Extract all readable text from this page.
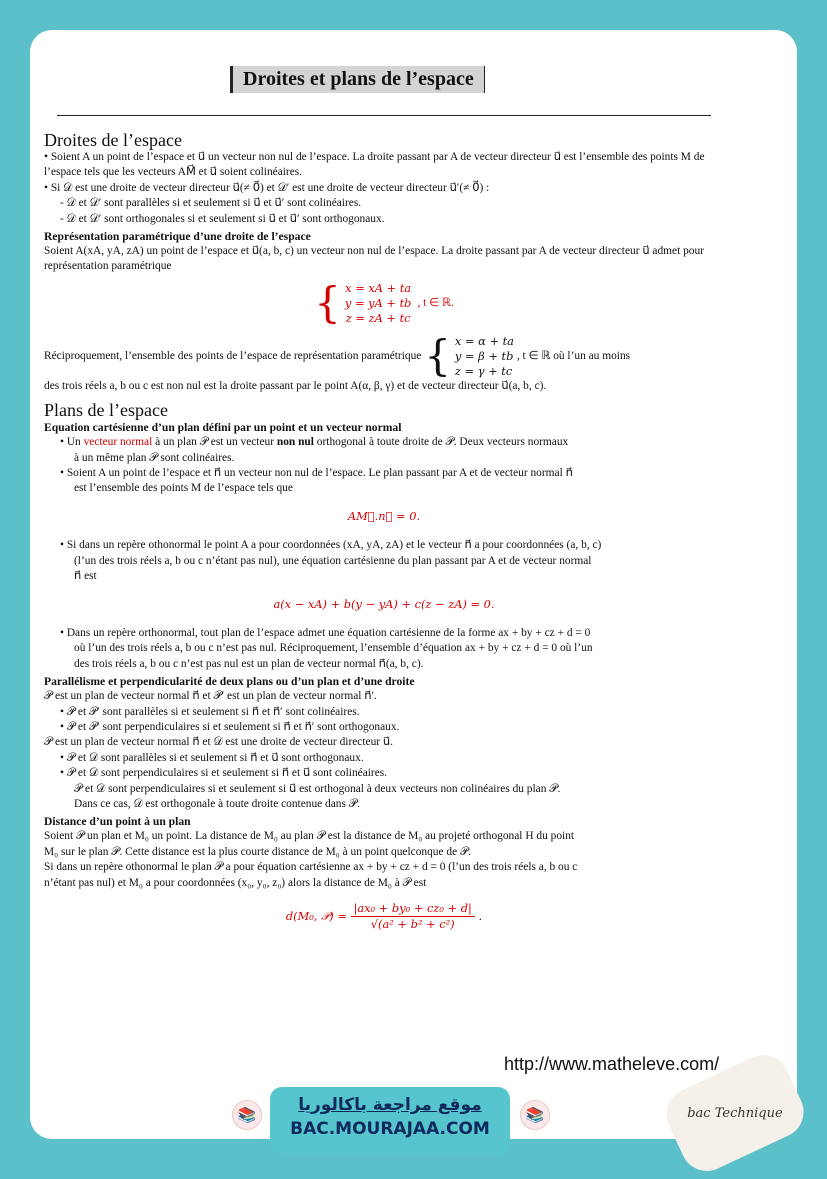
Droites et plans de l’espace
Droites de l’espace

• Soient A un point de l’espace et u⃗ un vecteur non nul de l’espace. La droite passant par A de vecteur directeur u⃗ est l’ensemble des points M de l’espace tels que les vecteurs AM⃗ et u⃗ soient colinéaires.

• Si 𝒟 est une droite de vecteur directeur u⃗(≠ 0⃗) et 𝒟′ est une droite de vecteur directeur u⃗′(≠ 0⃗) :

- 𝒟 et 𝒟′ sont parallèles si et seulement si u⃗ et u⃗′ sont colinéaires.

- 𝒟 et 𝒟′ sont orthogonales si et seulement si u⃗ et u⃗′ sont orthogonaux.

Représentation paramétrique d’une droite de l’espace

Soient A(xA, yA, zA) un point de l’espace et u⃗(a, b, c) un vecteur non nul de l’espace. La droite passant par A de vecteur directeur u⃗ admet pour représentation paramétrique

{ x = xA + ta
y = yA + tb
z = zA + tc
, t ∈ ℝ.
Réciproquement, l’ensemble des points de l’espace de représentation paramétrique { x = α + ta
y = β + tb
z = γ + tc
, t ∈ ℝ où l’un au moins

des trois réels a, b ou c est non nul est la droite passant par le point A(α, β, γ) et de vecteur directeur u⃗(a, b, c).

Plans de l’espace
Equation cartésienne d’un plan défini par un point et un vecteur normal

• Un vecteur normal à un plan 𝒫 est un vecteur non nul orthogonal à toute droite de 𝒫. Deux vecteurs normaux

à un même plan 𝒫 sont colinéaires.

• Soient A un point de l’espace et n⃗ un vecteur non nul de l’espace. Le plan passant par A et de vecteur normal n⃗

est l’ensemble des points M de l’espace tels que

AM⃗.n⃗ = 0.

• Si dans un repère othonormal le point A a pour coordonnées (xA, yA, zA) et le vecteur n⃗ a pour coordonnées (a, b, c)

(l’un des trois réels a, b ou c n’étant pas nul), une équation cartésienne du plan passant par A et de vecteur normal

n⃗ est

a(x − xA) + b(y − yA) + c(z − zA) = 0.

• Dans un repère orthonormal, tout plan de l’espace admet une équation cartésienne de la forme ax + by + cz + d = 0

où l’un des trois réels a, b ou c n’est pas nul. Réciproquement, l’ensemble d’équation ax + by + cz + d = 0 où l’un

des trois réels a, b ou c n’est pas nul est un plan de vecteur normal n⃗(a, b, c).

Parallélisme et perpendicularité de deux plans ou d’un plan et d’une droite

𝒫 est un plan de vecteur normal n⃗ et 𝒫′ est un plan de vecteur normal n⃗′.

• 𝒫 et 𝒫′ sont parallèles si et seulement si n⃗ et n⃗′ sont colinéaires.

• 𝒫 et 𝒫′ sont perpendiculaires si et seulement si n⃗ et n⃗′ sont orthogonaux.

𝒫 est un plan de vecteur normal n⃗ et 𝒟 est une droite de vecteur directeur u⃗.

• 𝒫 et 𝒟 sont parallèles si et seulement si n⃗ et u⃗ sont orthogonaux.

• 𝒫 et 𝒟 sont perpendiculaires si et seulement si n⃗ et u⃗ sont colinéaires.

𝒫 et 𝒟 sont perpendiculaires si et seulement si u⃗ est orthogonal à deux vecteurs non colinéaires du plan 𝒫.

Dans ce cas, 𝒟 est orthogonale à toute droite contenue dans 𝒫.

Distance d’un point à un plan

Soient 𝒫 un plan et M₀ un point. La distance de M₀ au plan 𝒫 est la distance de M₀ au projeté orthogonal H du point

M₀ sur le plan 𝒫. Cette distance est la plus courte distance de M₀ à un point quelconque de 𝒫.

Si dans un repère othonormal le plan 𝒫 a pour équation cartésienne ax + by + cz + d = 0 (l’un des trois réels a, b ou c

n’étant pas nul) et M₀ a pour coordonnées (x₀, y₀, z₀) alors la distance de M₀ à 𝒫 est

d(M₀, 𝒫) = $\frac{\text{|ax₀ + by₀ + cz₀ + d|}}{\text{√(a² + b² + c²)}}$ .
http://www.matheleve.com/
📚	📚
موقع مراجعة باكالوريا
BAC.MOURAJAA.COM
bac Technique
